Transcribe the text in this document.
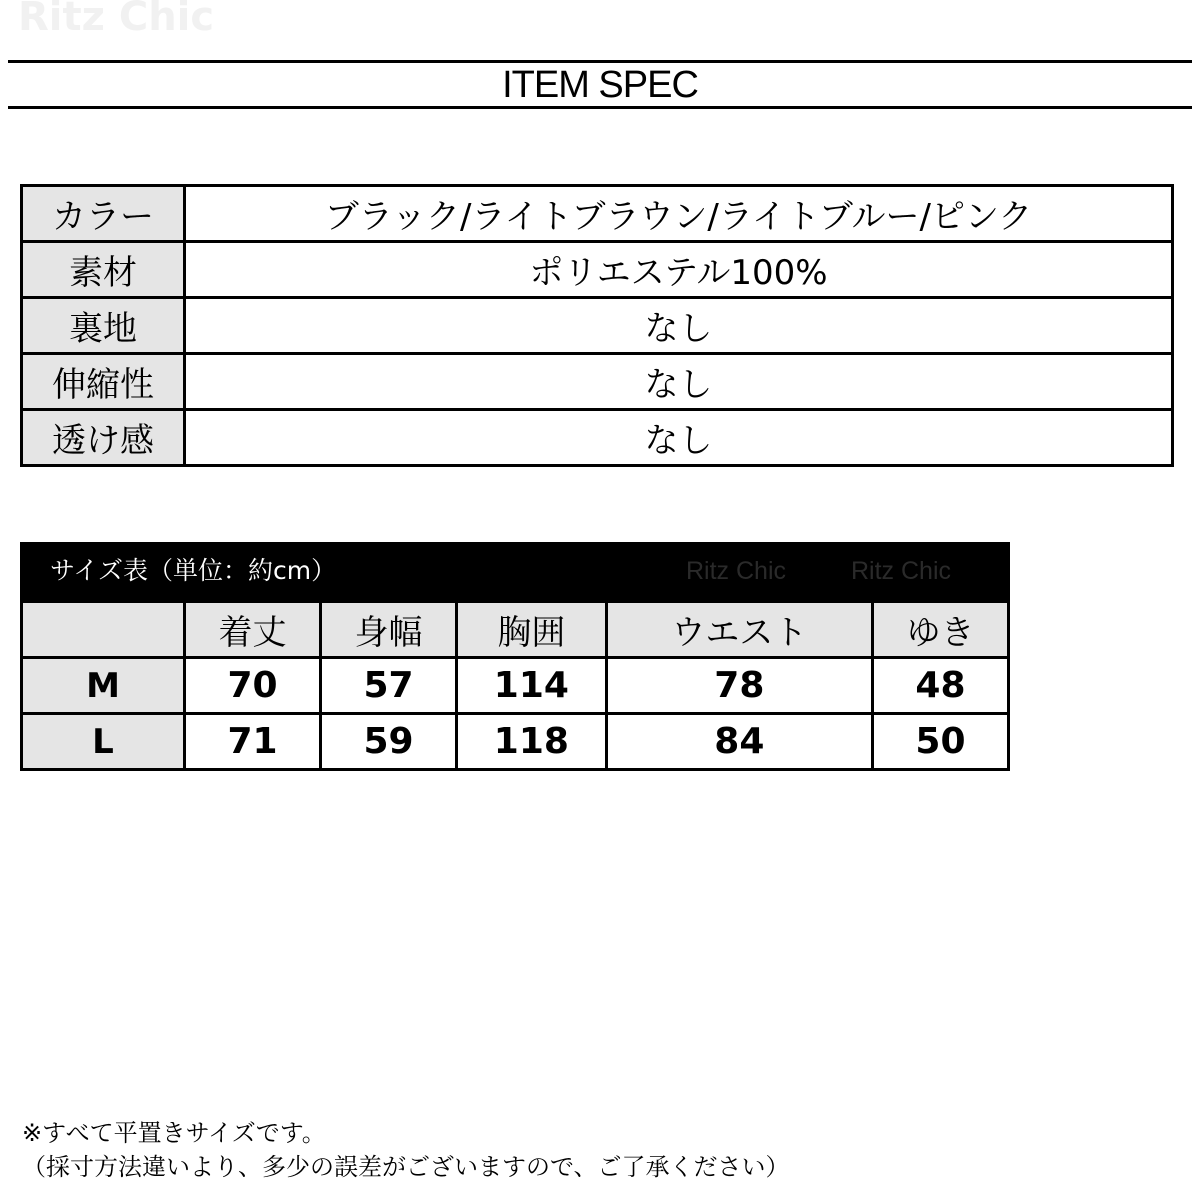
Ritz Chic
ITEM SPEC
カラー	ブラック/ライトブラウン/ライトブルー/ピンク
素材	ポリエステル100%
裏地	なし
伸縮性	なし
透け感	なし
サイズ表（単位：約cm）	Ritz Chic	Ritz Chic
	着丈	身幅	胸囲	ウエスト	ゆき
M	70	57	114	78	48
L	71	59	118	84	50
※すべて平置きサイズです。
（採寸方法違いより、多少の誤差がございますので、ご了承ください）
